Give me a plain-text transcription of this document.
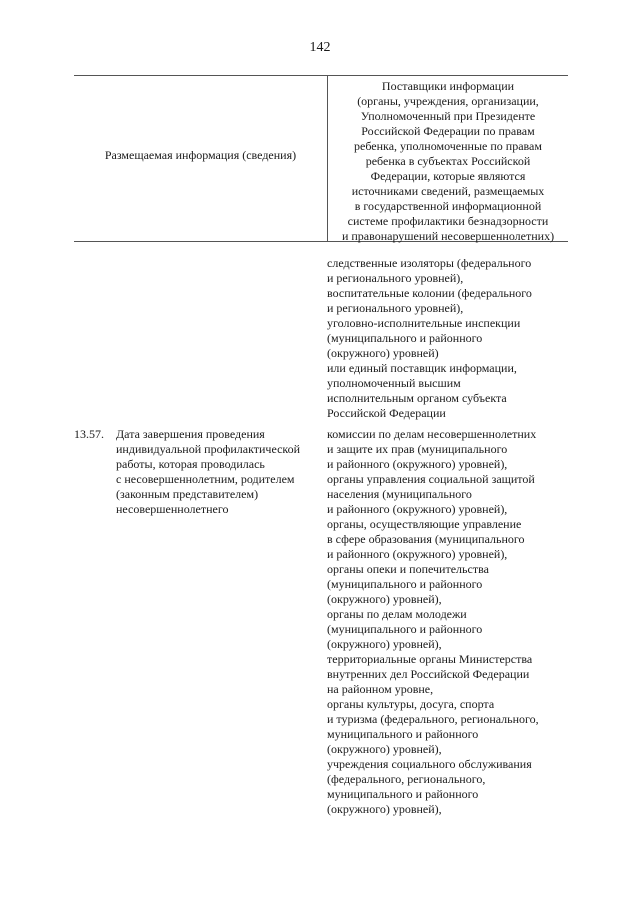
142
Размещаемая информация (сведения)
Поставщики информации
(органы, учреждения, организации,
Уполномоченный при Президенте
Российской Федерации по правам
ребенка, уполномоченные по правам
ребенка в субъектах Российской
Федерации, которые являются
источниками сведений, размещаемых
в государственной информационной
системе профилактики безнадзорности
и правонарушений несовершеннолетних)
следственные изоляторы (федерального
и регионального уровней),
воспитательные колонии (федерального
и регионального уровней),
уголовно-исполнительные инспекции
(муниципального и районного
(окружного) уровней)
или единый поставщик информации,
уполномоченный высшим
исполнительным органом субъекта
Российской Федерации
13.57. Дата завершения проведения
индивидуальной профилактической
работы, которая проводилась
с несовершеннолетним, родителем
(законным представителем)
несовершеннолетнего
комиссии по делам несовершеннолетних
и защите их прав (муниципального
и районного (окружного) уровней),
органы управления социальной защитой
населения (муниципального
и районного (окружного) уровней),
органы, осуществляющие управление
в сфере образования (муниципального
и районного (окружного) уровней),
органы опеки и попечительства
(муниципального и районного
(окружного) уровней),
органы по делам молодежи
(муниципального и районного
(окружного) уровней),
территориальные органы Министерства
внутренних дел Российской Федерации
на районном уровне,
органы культуры, досуга, спорта
и туризма (федерального, регионального,
муниципального и районного
(окружного) уровней),
учреждения социального обслуживания
(федерального, регионального,
муниципального и районного
(окружного) уровней),
